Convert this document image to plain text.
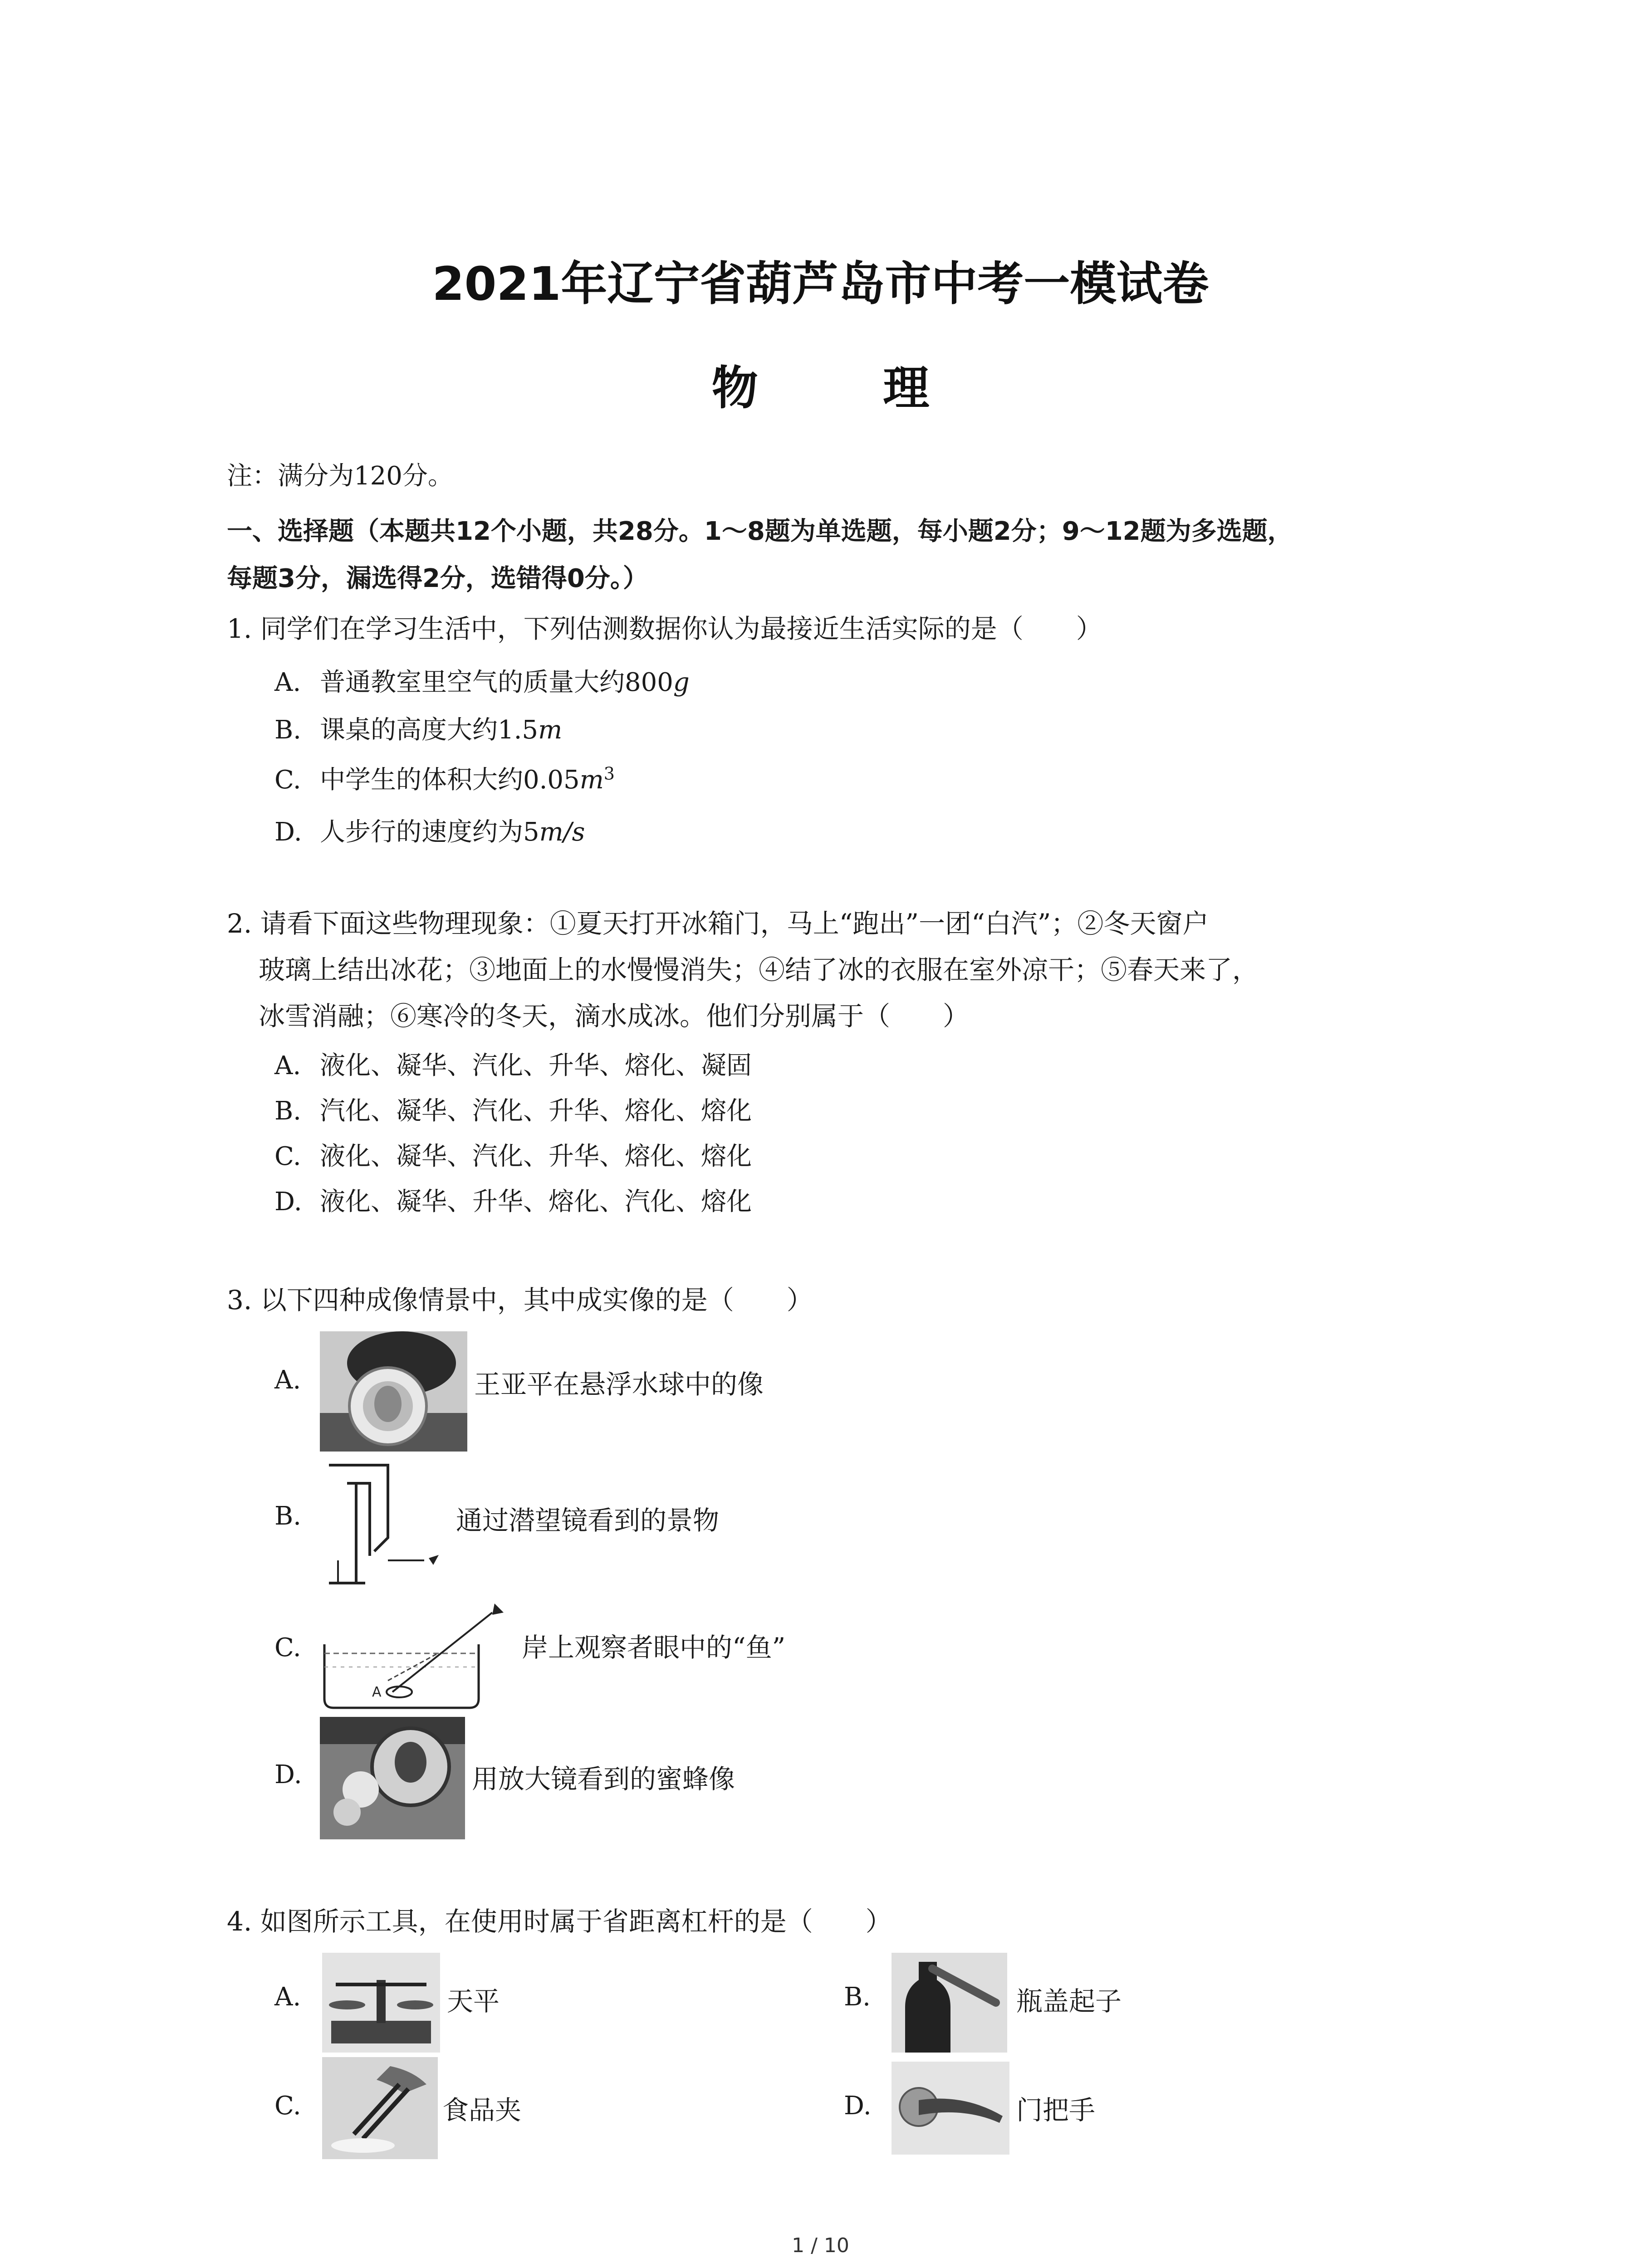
2021年辽宁省葫芦岛市中考一模试卷
物 理
注：满分为120分。
一、选择题（本题共12个小题，共28分。1～8题为单选题，每小题2分；9～12题为多选题，
每题3分，漏选得2分，选错得0分。）
1. 同学们在学习生活中，下列估测数据你认为最接近生活实际的是（　　）
A. 普通教室里空气的质量大约800g
B. 课桌的高度大约1.5m
C. 中学生的体积大约$0.05m^3$
D. 人步行的速度约为5m/s
2. 请看下面这些物理现象：①夏天打开冰箱门，马上“跑出”一团“白汽”；②冬天窗户
玻璃上结出冰花；③地面上的水慢慢消失；④结了冰的衣服在室外凉干；⑤春天来了，
冰雪消融；⑥寒冷的冬天，滴水成冰。他们分别属于（　　）
A. 液化、凝华、汽化、升华、熔化、凝固
B. 汽化、凝华、汽化、升华、熔化、熔化
C. 液化、凝华、汽化、升华、熔化、熔化
D. 液化、凝华、升华、熔化、汽化、熔化
3. 以下四种成像情景中，其中成实像的是（　　）
A.	王亚平在悬浮水球中的像
B.	通过潜望镜看到的景物
C.
A
岸上观察者眼中的“鱼”
D.	用放大镜看到的蜜蜂像
4. 如图所示工具，在使用时属于省距离杠杆的是（　　）
A.	天平	B.	瓶盖起子
C.	食品夹	D.	门把手
1 / 10
